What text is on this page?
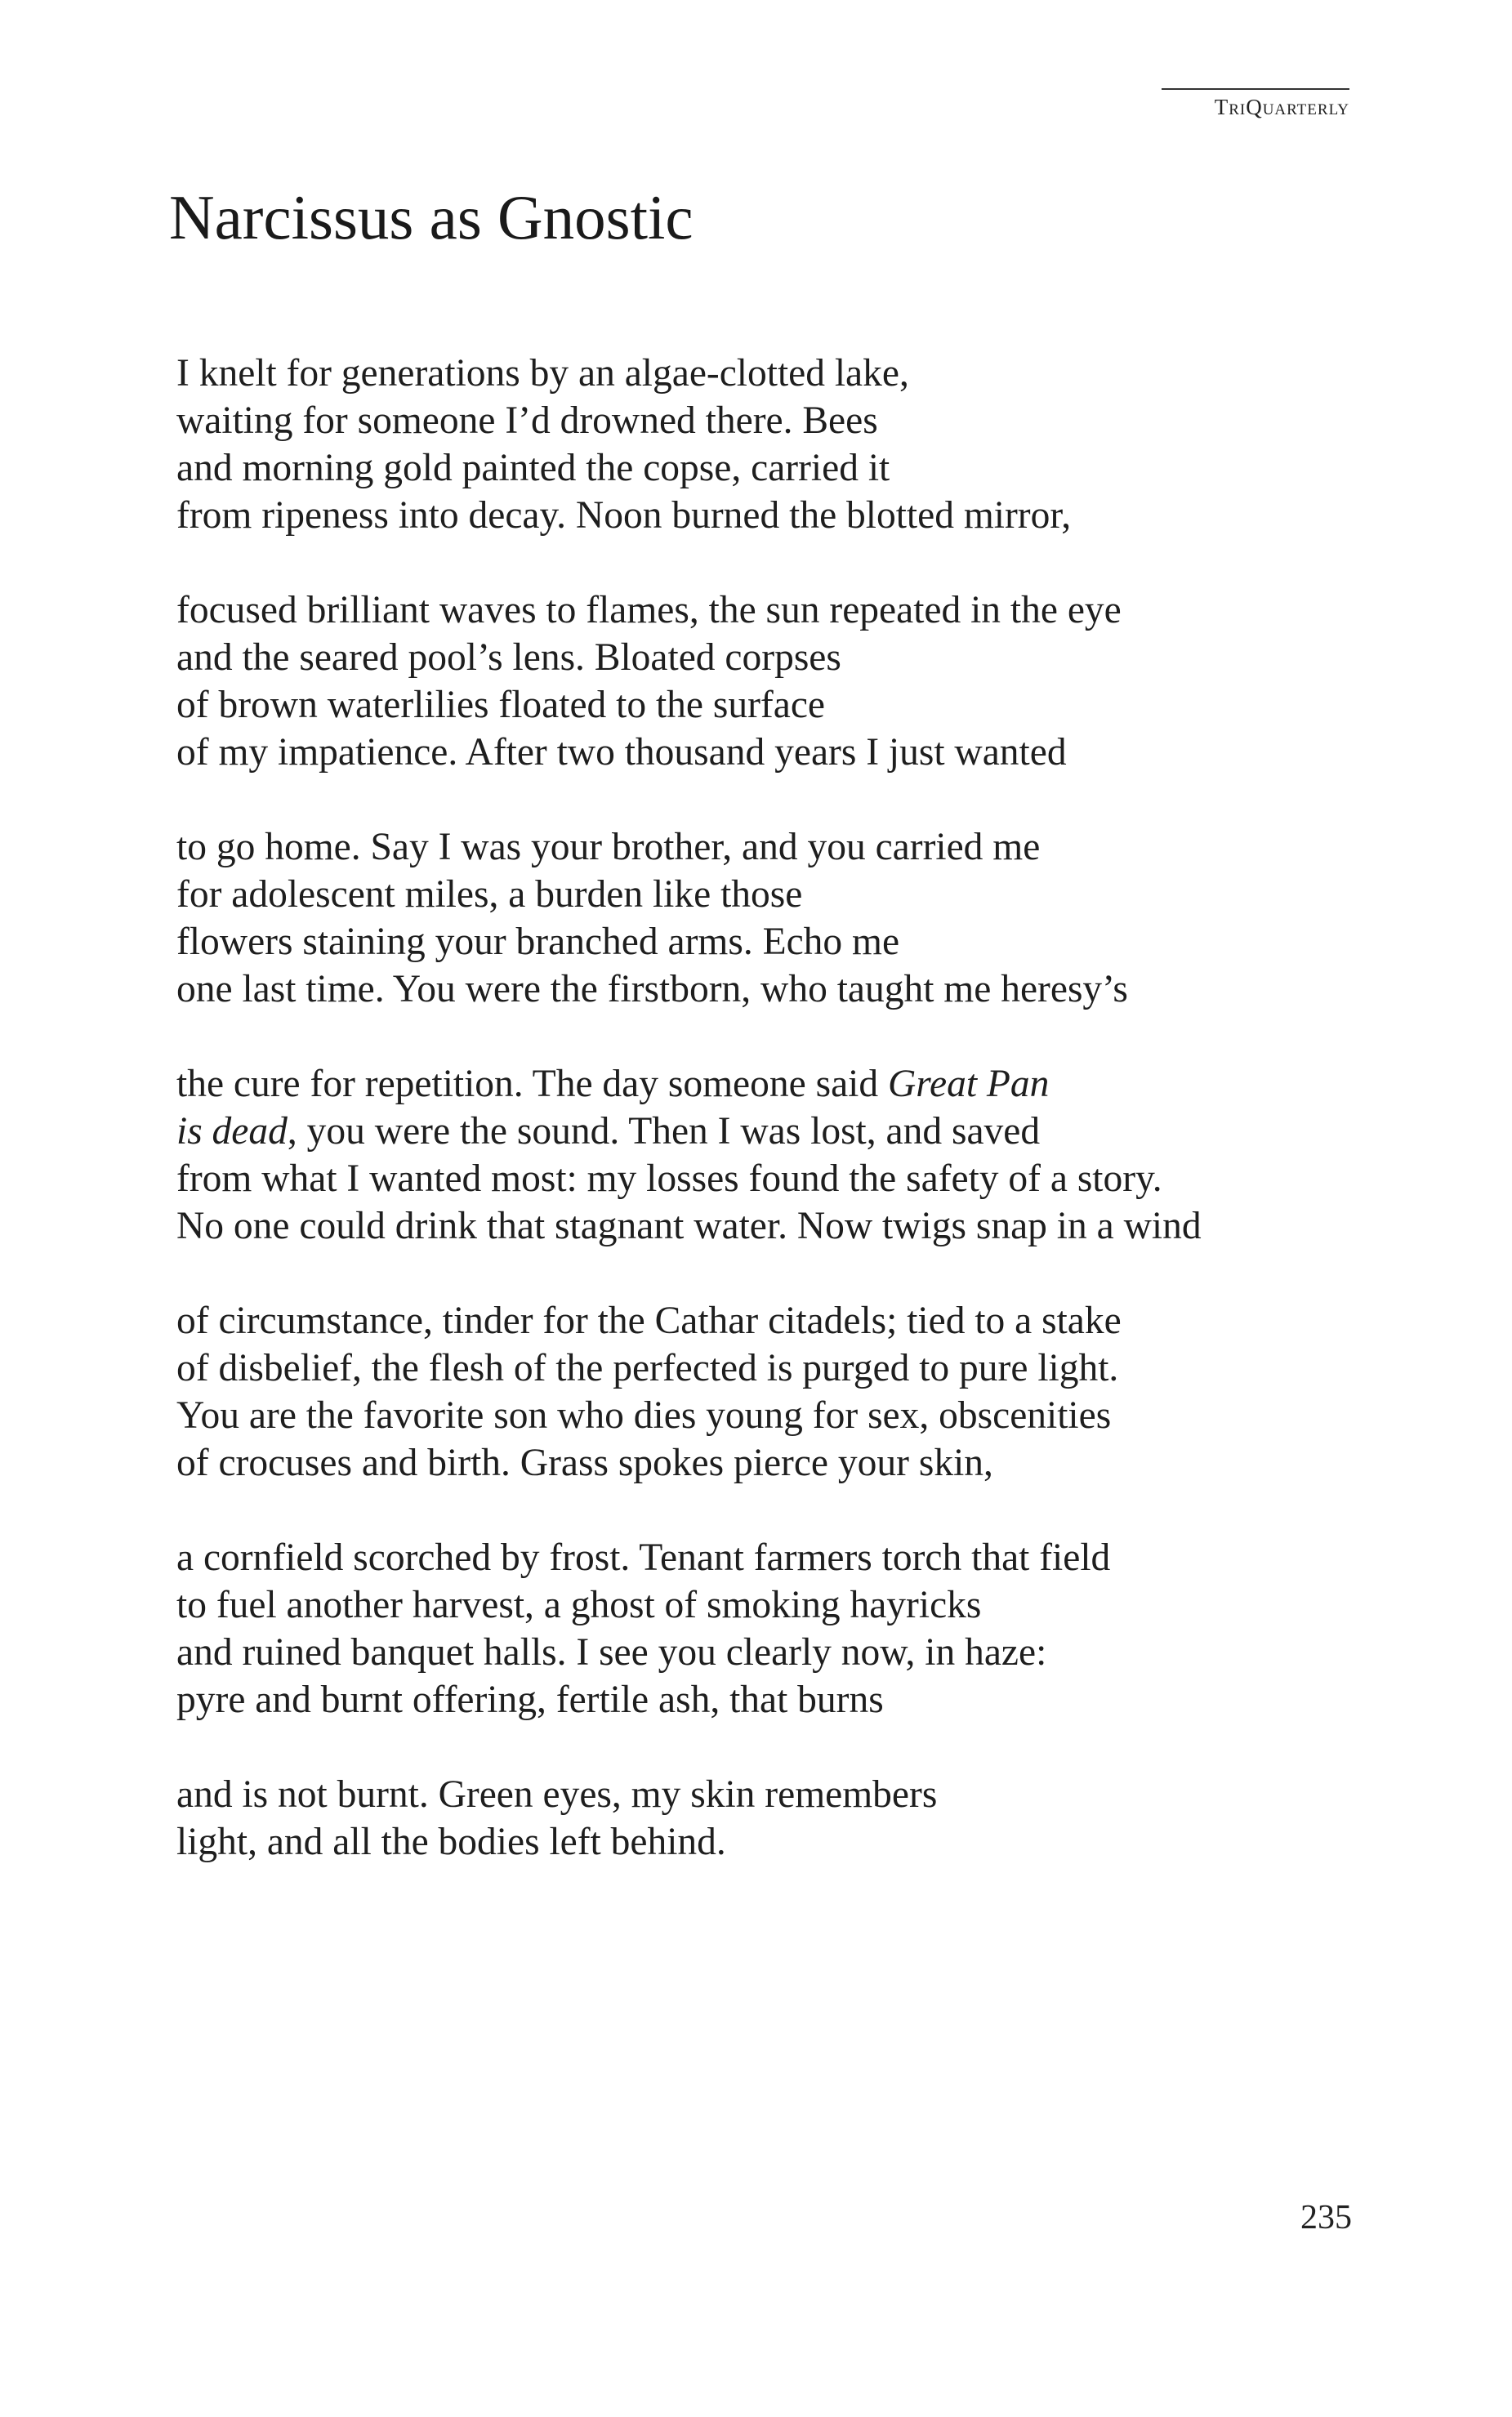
TriQuarterly
Narcissus as Gnostic
I knelt for generations by an algae-clotted lake,
waiting for someone I’d drowned there. Bees
and morning gold painted the copse, carried it
from ripeness into decay. Noon burned the blotted mirror,
focused brilliant waves to flames, the sun repeated in the eye
and the seared pool’s lens. Bloated corpses
of brown waterlilies floated to the surface
of my impatience. After two thousand years I just wanted
to go home. Say I was your brother, and you carried me
for adolescent miles, a burden like those
flowers staining your branched arms. Echo me
one last time. You were the firstborn, who taught me heresy’s
the cure for repetition. The day someone said Great Pan
is dead, you were the sound. Then I was lost, and saved
from what I wanted most: my losses found the safety of a story.
No one could drink that stagnant water. Now twigs snap in a wind
of circumstance, tinder for the Cathar citadels; tied to a stake
of disbelief, the flesh of the perfected is purged to pure light.
You are the favorite son who dies young for sex, obscenities
of crocuses and birth. Grass spokes pierce your skin,
a cornfield scorched by frost. Tenant farmers torch that field
to fuel another harvest, a ghost of smoking hayricks
and ruined banquet halls. I see you clearly now, in haze:
pyre and burnt offering, fertile ash, that burns
and is not burnt. Green eyes, my skin remembers
light, and all the bodies left behind.
235
